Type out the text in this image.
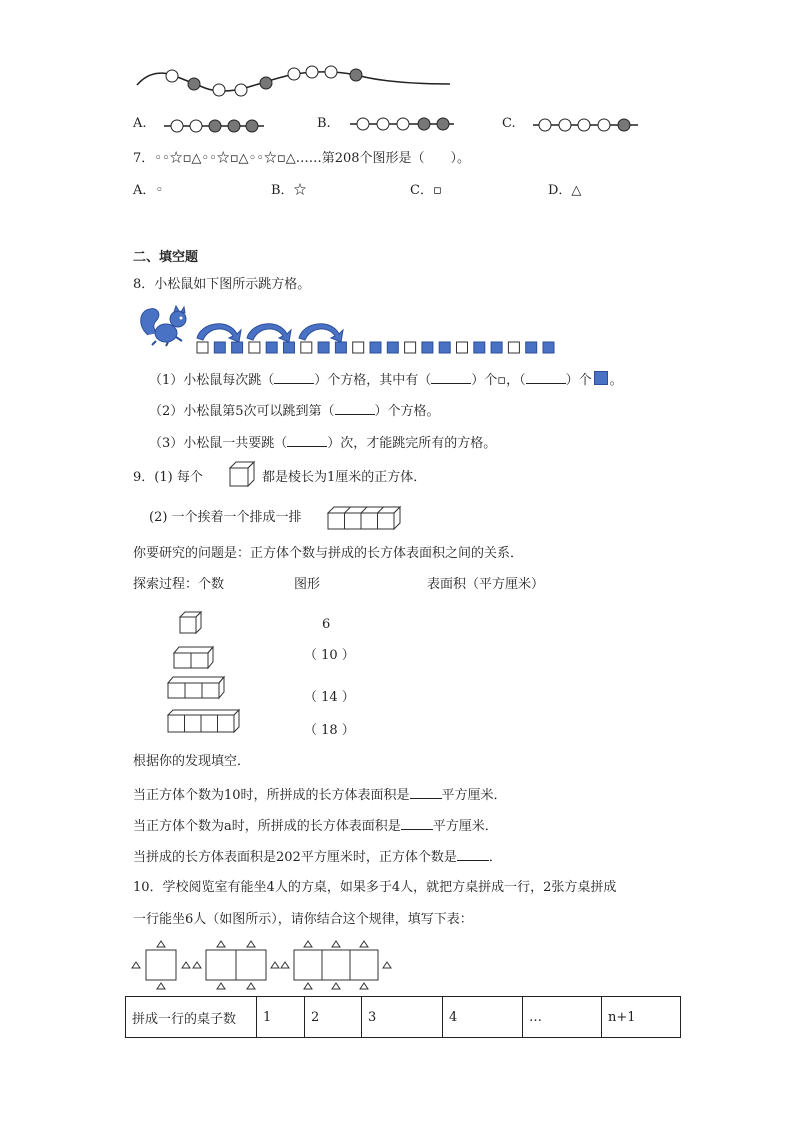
A.	B.	C.
7．◦◦☆▫△◦◦☆▫△◦◦☆▫△……第208个图形是（　　）。
A．◦	B．☆	C．▫	D．△
二、填空题
8．小松鼠如下图所示跳方格。
（1）小松鼠每次跳（	）个方格，其中有（	）个▫，（	）个 。
（2）小松鼠第5次可以跳到第（	）个方格。
（3）小松鼠一共要跳（	）次，才能跳完所有的方格。
9．(1) 每个	都是棱长为1厘米的正方体．
(2) 一个挨着一个排成一排
你要研究的问题是：正方体个数与拼成的长方体表面积之间的关系．
探索过程：个数	图形	表面积（平方厘米）
6
（ 10 ）
（ 14 ）
（ 18 ）
根据你的发现填空．
当正方体个数为10时，所拼成的长方体表面积是 平方厘米．
当正方体个数为a时，所拼成的长方体表面积是 平方厘米．
当拼成的长方体表面积是202平方厘米时，正方体个数是 ．
10．学校阅览室有能坐4人的方桌，如果多于4人，就把方桌拼成一行，2张方桌拼成
一行能坐6人（如图所示），请你结合这个规律，填写下表：
拼成一行的桌子数	1	2	3	4	…	n+1
